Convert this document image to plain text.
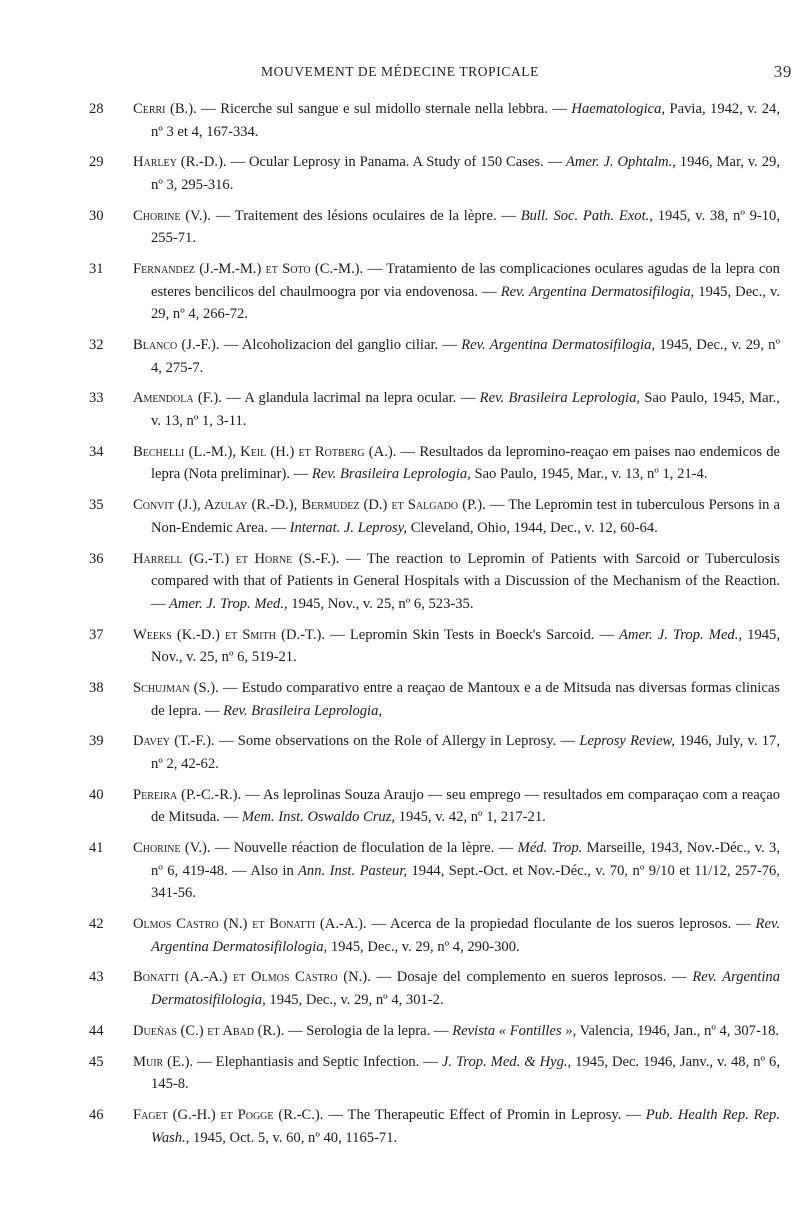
MOUVEMENT DE MÉDECINE TROPICALE	39
28 Cerri (B.). — Ricerche sul sangue e sul midollo sternale nella lebbra. — Haematologica, Pavia, 1942, v. 24, nº 3 et 4, 167-334.
29 Harley (R.-D.). — Ocular Leprosy in Panama. A Study of 150 Cases. — Amer. J. Ophtalm., 1946, Mar, v. 29, nº 3, 295-316.
30 Chorine (V.). — Traitement des lésions oculaires de la lèpre. — Bull. Soc. Path. Exot., 1945, v. 38, nº 9-10, 255-71.
31 Fernandez (J.-M.-M.) et Soto (C.-M.). — Tratamiento de las complicaciones oculares agudas de la lepra con esteres bencilicos del chaulmoogra por via endovenosa. — Rev. Argentina Dermatosifilogia, 1945, Dec., v. 29, nº 4, 266-72.
32 Blanco (J.-F.). — Alcoholizacion del ganglio ciliar. — Rev. Argentina Dermatosifilogia, 1945, Dec., v. 29, nº 4, 275-7.
33 Amendola (F.). — A glandula lacrimal na lepra ocular. — Rev. Brasileira Leprologia, Sao Paulo, 1945, Mar., v. 13, nº 1, 3-11.
34 Bechelli (L.-M.), Keil (H.) et Rotberg (A.). — Resultados da lepromino-reaçao em paises nao endemicos de lepra (Nota preliminar). — Rev. Brasileira Leprologia, Sao Paulo, 1945, Mar., v. 13, nº 1, 21-4.
35 Convit (J.), Azulay (R.-D.), Bermudez (D.) et Salgado (P.). — The Lepromin test in tuberculous Persons in a Non-Endemic Area. — Internat. J. Leprosy, Cleveland, Ohio, 1944, Dec., v. 12, 60-64.
36 Harrell (G.-T.) et Horne (S.-F.). — The reaction to Lepromin of Patients with Sarcoid or Tuberculosis compared with that of Patients in General Hospitals with a Discussion of the Mechanism of the Reaction. — Amer. J. Trop. Med., 1945, Nov., v. 25, nº 6, 523-35.
37 Weeks (K.-D.) et Smith (D.-T.). — Lepromin Skin Tests in Boeck's Sarcoid. — Amer. J. Trop. Med., 1945, Nov., v. 25, nº 6, 519-21.
38 Schujman (S.). — Estudo comparativo entre a reaçao de Mantoux e a de Mitsuda nas diversas formas clinicas de lepra. — Rev. Brasileira Leprologia,
39 Davey (T.-F.). — Some observations on the Role of Allergy in Leprosy. — Leprosy Review, 1946, July, v. 17, nº 2, 42-62.
40 Pereira (P.-C.-R.). — As leprolinas Souza Araujo — seu emprego — resultados em comparaçao com a reaçao de Mitsuda. — Mem. Inst. Oswaldo Cruz, 1945, v. 42, nº 1, 217-21.
41 Chorine (V.). — Nouvelle réaction de floculation de la lèpre. — Méd. Trop. Marseille, 1943, Nov.-Déc., v. 3, nº 6, 419-48. — Also in Ann. Inst. Pasteur, 1944, Sept.-Oct. et Nov.-Déc., v. 70, nº 9/10 et 11/12, 257-76, 341-56.
42 Olmos Castro (N.) et Bonatti (A.-A.). — Acerca de la propiedad floculante de los sueros leprosos. — Rev. Argentina Dermatosifilologia, 1945, Dec., v. 29, nº 4, 290-300.
43 Bonatti (A.-A.) et Olmos Castro (N.). — Dosaje del complemento en sueros leprosos. — Rev. Argentina Dermatosifilologia, 1945, Dec., v. 29, nº 4, 301-2.
44 Dueñas (C.) et Abad (R.). — Serologia de la lepra. — Revista « Fontilles », Valencia, 1946, Jan., nº 4, 307-18.
45 Muir (E.). — Elephantiasis and Septic Infection. — J. Trop. Med. & Hyg., 1945, Dec. 1946, Janv., v. 48, nº 6, 145-8.
46 Faget (G.-H.) et Pogge (R.-C.). — The Therapeutic Effect of Promin in Leprosy. — Pub. Health Rep. Rep. Wash., 1945, Oct. 5, v. 60, nº 40, 1165-71.
